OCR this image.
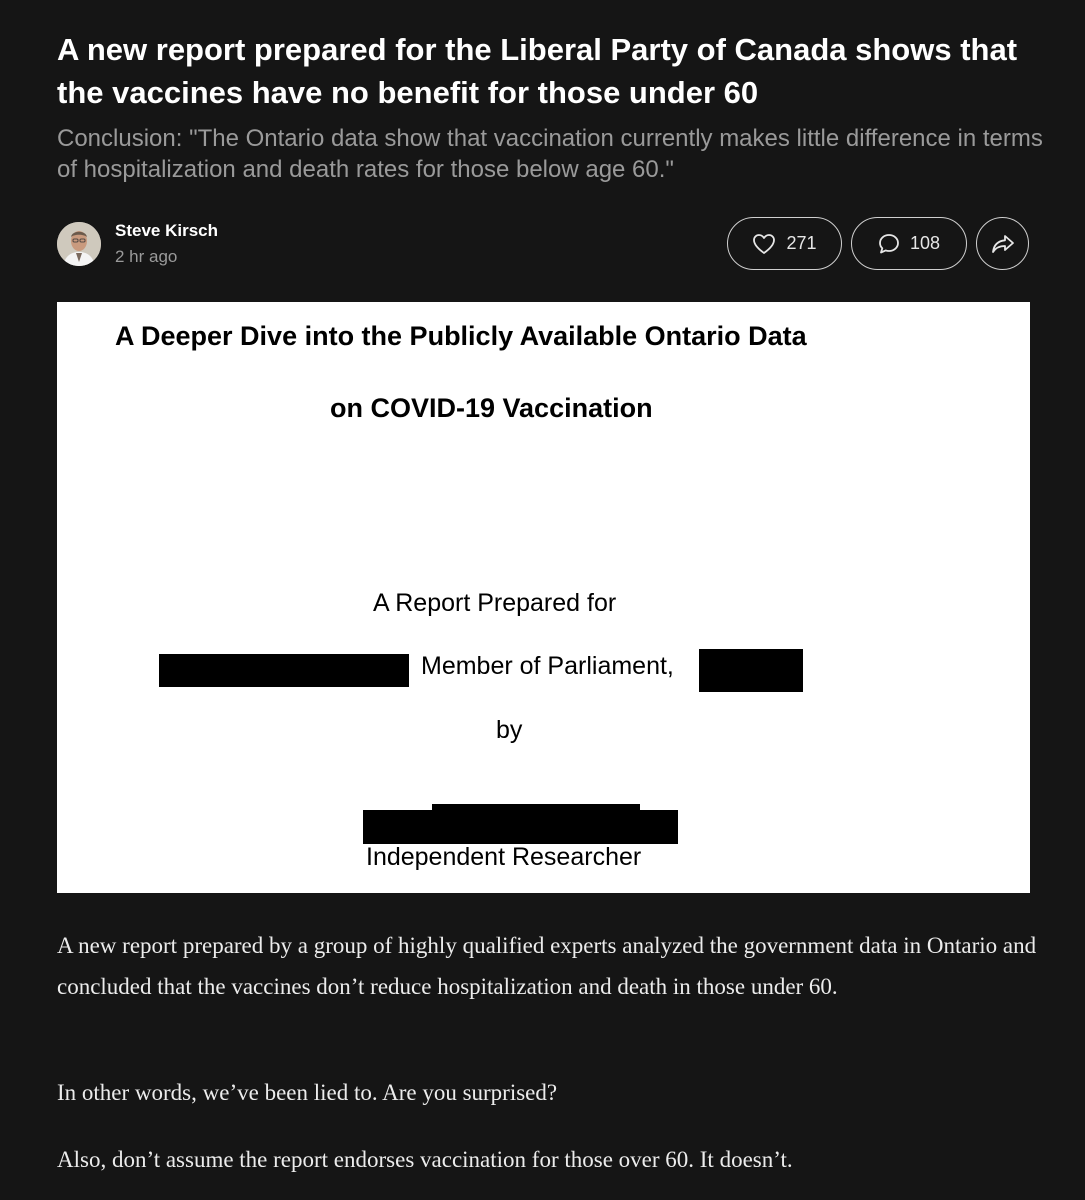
A new report prepared for the Liberal Party of Canada shows that the vaccines have no benefit for those under 60

Conclusion: "The Ontario data show that vaccination currently makes little difference in terms of hospitalization and death rates for those below age 60."

Steve Kirsch
2 hr ago
271	108
A Deeper Dive into the Publicly Available Ontario Data
on COVID-19 Vaccination
A Report Prepared for
Member of Parliament,
by
Independent Researcher

A new report prepared by a group of highly qualified experts analyzed the government data in Ontario and concluded that the vaccines don’t reduce hospitalization and death in those under 60.

In other words, we’ve been lied to. Are you surprised?

Also, don’t assume the report endorses vaccination for those over 60. It doesn’t.
